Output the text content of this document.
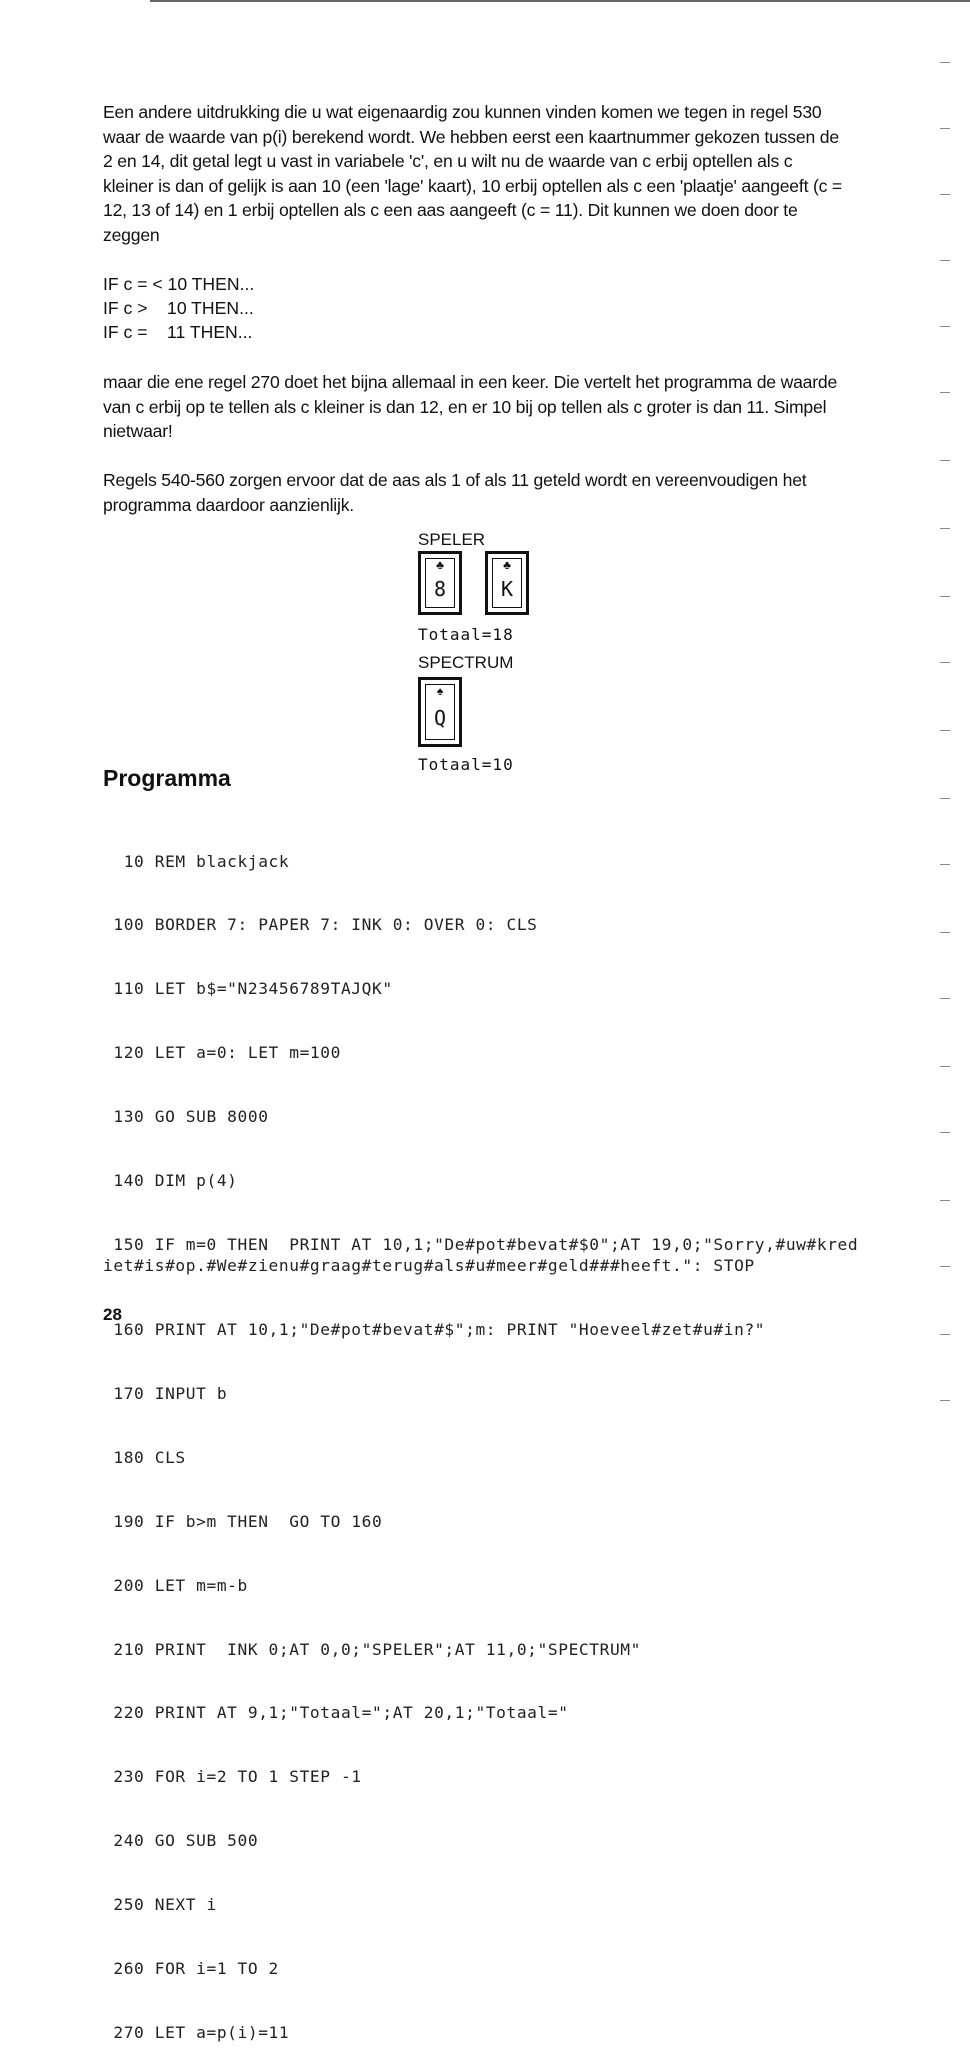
Een andere uitdrukking die u wat eigenaardig zou kunnen vinden komen we tegen in regel 530 waar de waarde van p(i) berekend wordt. We hebben eerst een kaartnummer gekozen tussen de 2 en 14, dit getal legt u vast in variabele 'c', en u wilt nu de waarde van c erbij optellen als c kleiner is dan of gelijk is aan 10 (een 'lage' kaart), 10 erbij optellen als c een 'plaatje' aangeeft (c = 12, 13 of 14) en 1 erbij optellen als c een aas aangeeft (c = 11). Dit kunnen we doen door te zeggen

IF c = < 10 THEN...

IF c >    10 THEN...

IF c =    11 THEN...

maar die ene regel 270 doet het bijna allemaal in een keer. Die vertelt het programma de waarde van c erbij op te tellen als c kleiner is dan 12, en er 10 bij op tellen als c groter is dan 11. Simpel nietwaar!

Regels 540-560 zorgen ervoor dat de aas als 1 of als 11 geteld wordt en vereenvoudigen het programma daardoor aanzienlijk.

SPELER
♣
8
♣
K
Totaal=18
SPECTRUM
♠
Q
Totaal=10
Programma

10 REM blackjack

100 BORDER 7: PAPER 7: INK 0: OVER 0: CLS

110 LET b$="N23456789TAJQK"

120 LET a=0: LET m=100

130 GO SUB 8000

140 DIM p(4)

150 IF m=0 THEN  PRINT AT 10,1;"De#pot#bevat#$0";AT 19,0;"Sorry,#uw#krediet#is#op.#We#zienu#graag#terug#als#u#meer#geld###heeft.": STOP

160 PRINT AT 10,1;"De#pot#bevat#$";m: PRINT "Hoeveel#zet#u#in?"

170 INPUT b

180 CLS

190 IF b>m THEN  GO TO 160

200 LET m=m-b

210 PRINT  INK 0;AT 0,0;"SPELER";AT 11,0;"SPECTRUM"

220 PRINT AT 9,1;"Totaal=";AT 20,1;"Totaal="

230 FOR i=2 TO 1 STEP -1

240 GO SUB 500

250 NEXT i

260 FOR i=1 TO 2

270 LET a=p(i)=11

28
